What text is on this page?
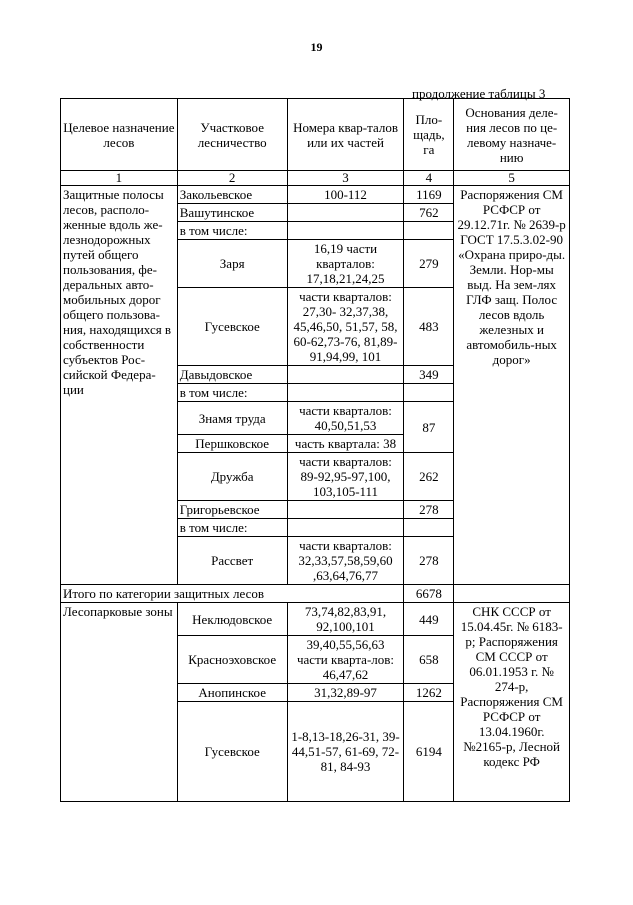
19
продолжение таблицы 3
Целевое назначение лесов	Участковое лесничество	Номера квар-талов или их частей	Пло-щадь, га	Основания деле-ния лесов по це-левому назначе-нию
1	2	3	4	5
Защитные полосы лесов, располо-женные вдоль же-лезнодорожных путей общего пользования, фе-деральных авто-мобильных дорог общего пользова-ния, находящихся в собственности субъектов Рос-сийской Федера-ции	Закольевское	100-112	1169	Распоряжения СМ РСФСР от 29.12.71г. № 2639-р ГОСТ 17.5.3.02-90 «Охрана приро-ды. Земли. Нор-мы выд. На зем-лях ГЛФ защ. Полос лесов вдоль железных и автомобиль-ных дорог»
	Вашутинское		762	
	в том числе:			
	Заря	16,19 части кварталов: 17,18,21,24,25	279	
	Гусевское	части кварталов: 27,30- 32,37,38, 45,46,50, 51,57, 58, 60-62,73-76, 81,89-91,94,99, 101	483	
	Давыдовское		349	
	в том числе:			
	Знамя труда	части кварталов: 40,50,51,53	87	
	Першковское	часть квартала: 38		
	Дружба	части кварталов: 89-92,95-97,100, 103,105-111	262	
	Григорьевское		278	
	в том числе:			
	Рассвет	части кварталов: 32,33,57,58,59,60 ,63,64,76,77	278	
Итого по категории защитных лесов			6678	
Лесопарковые зоны	Неклюдовское	73,74,82,83,91, 92,100,101	449	СНК СССР от 15.04.45г. № 6183-р; Распоряжения СМ СССР от 06.01.1953 г. № 274-р, Распоряжения СМ РСФСР от 13.04.1960г. №2165-р, Лесной кодекс РФ
	Красноэховское	39,40,55,56,63 части кварта-лов: 46,47,62	658	
	Анопинское	31,32,89-97	1262	
	Гусевское	1-8,13-18,26-31, 39- 44,51-57, 61-69, 72-81, 84-93	6194	
